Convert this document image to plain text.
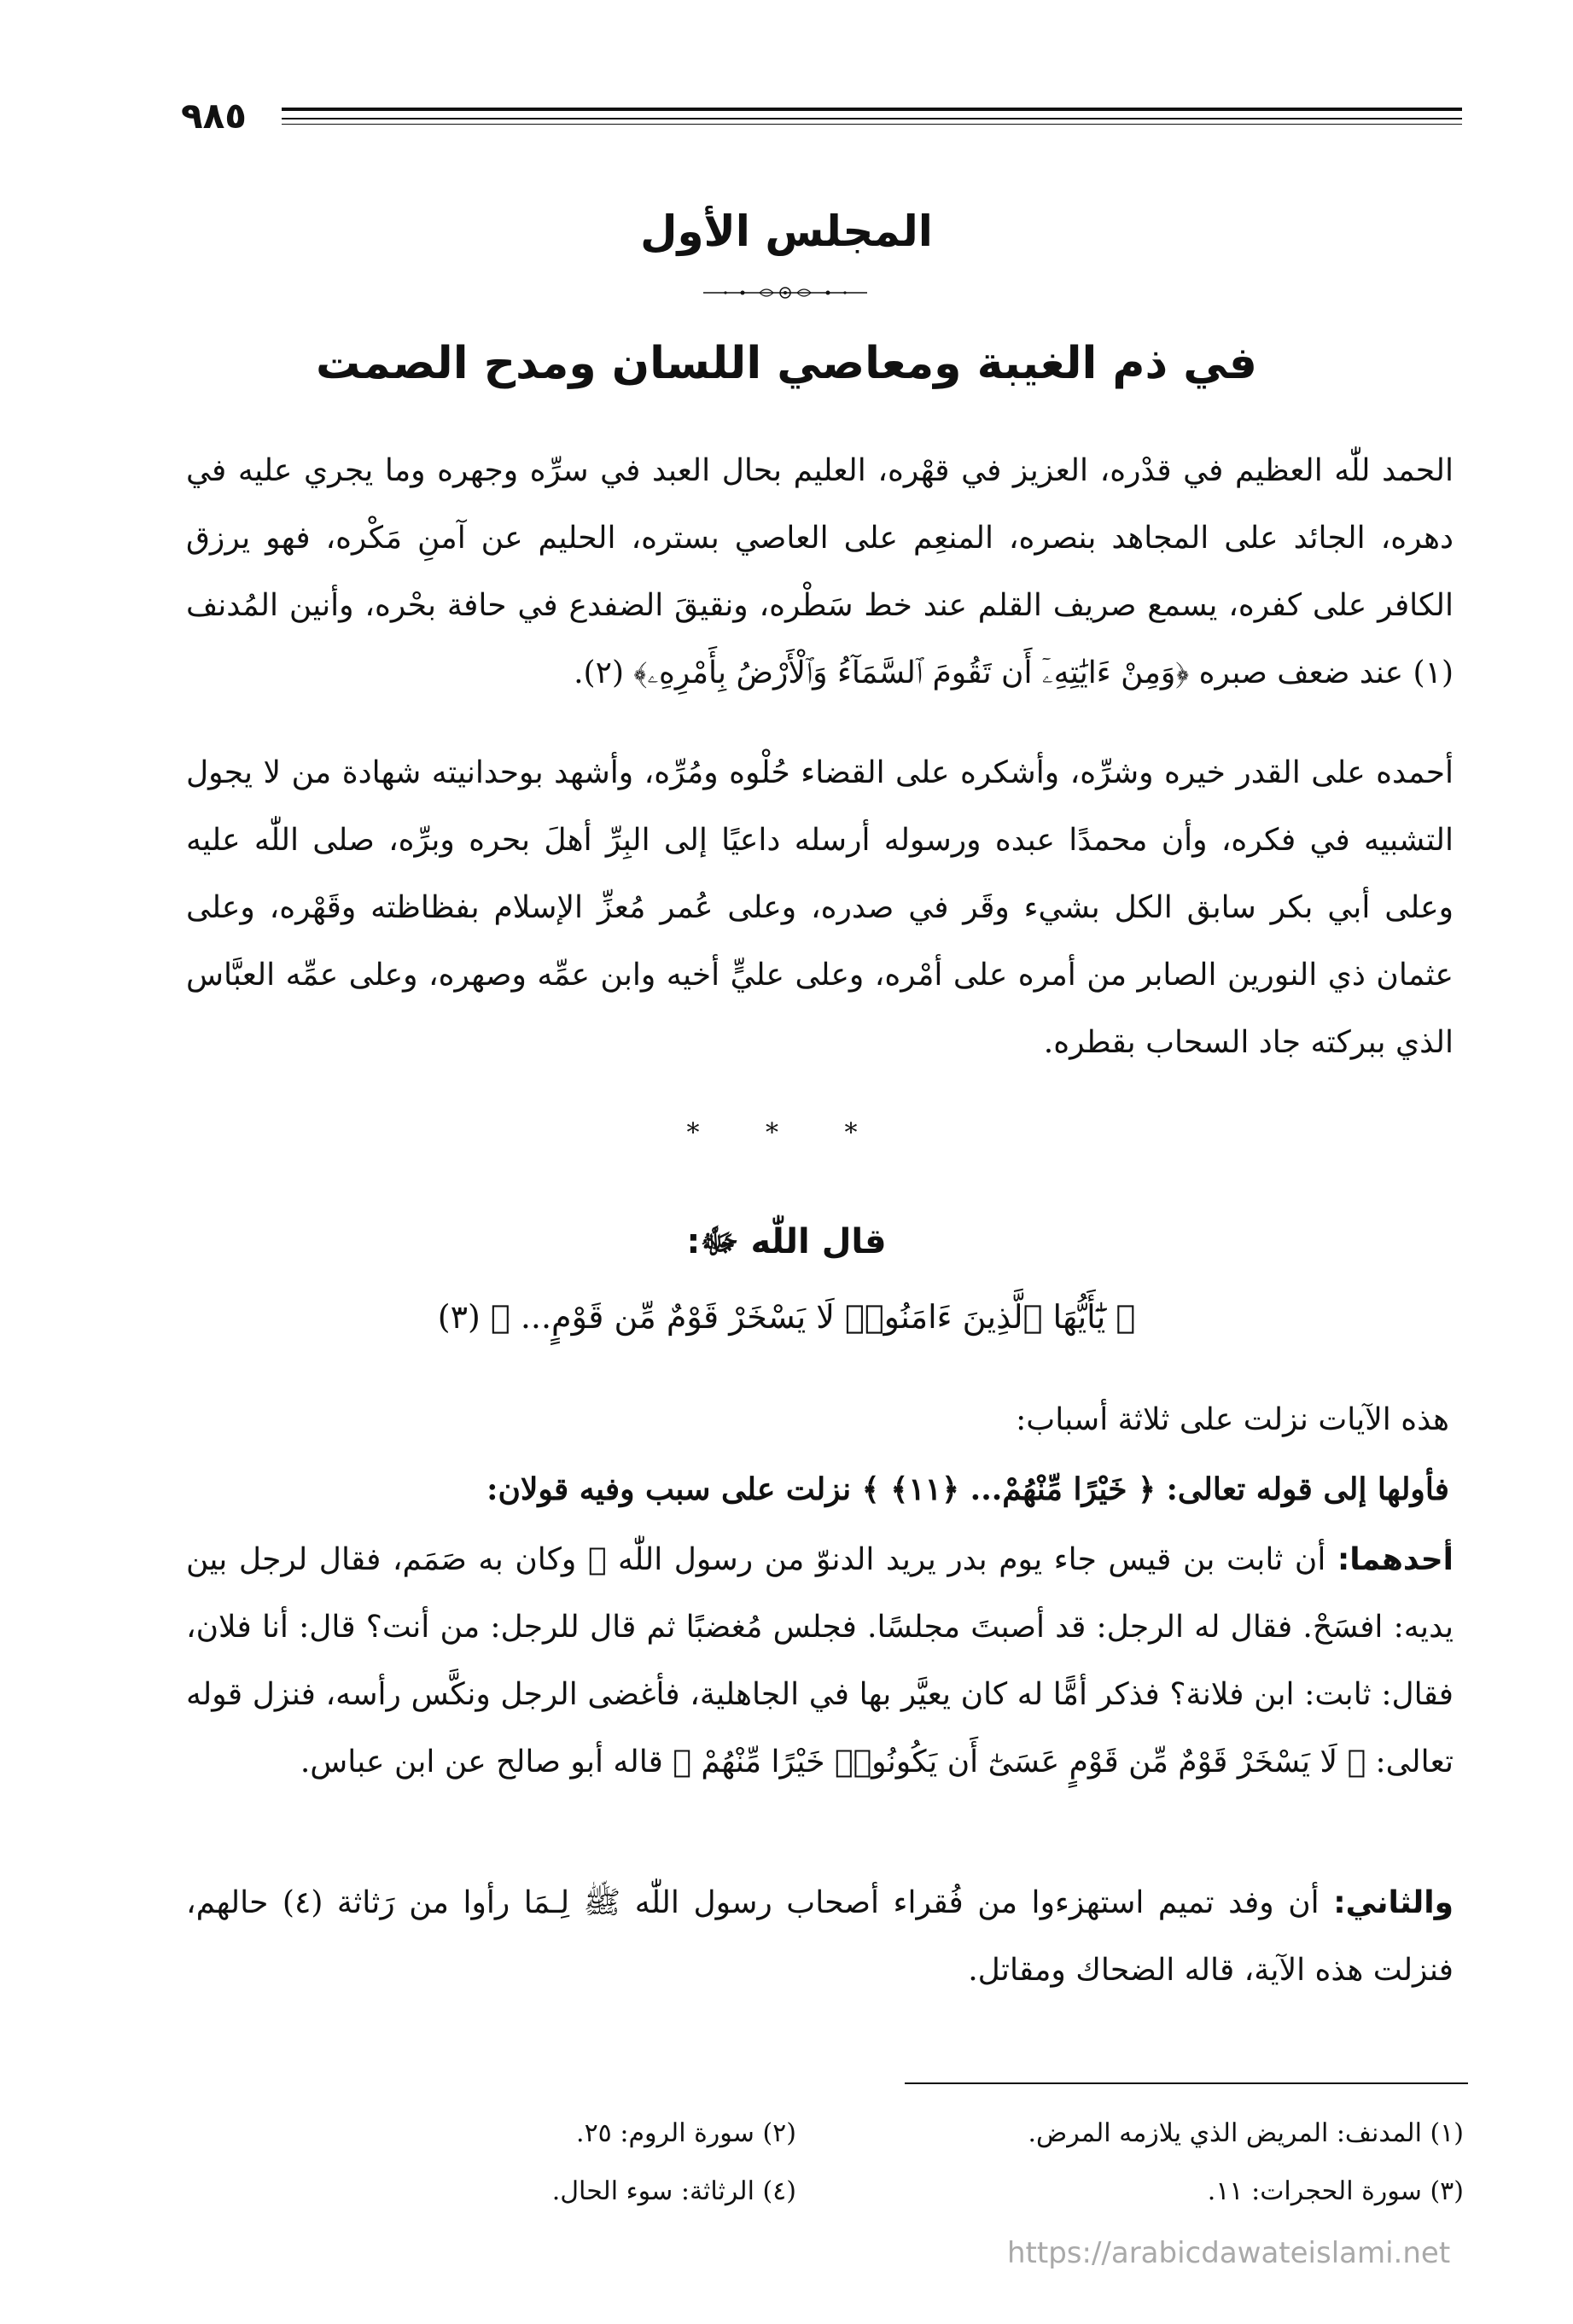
٩٨٥
المجلس الأول
في ذم الغيبة ومعاصي اللسان ومدح الصمت
الحمد للّٰه العظيم في قدْره، العزيز في قهْره، العليم بحال العبد في سرِّه وجهره وما يجري عليه في دهره، الجائد على المجاهد بنصره، المنعِم على العاصي بستره، الحليم عن آمنِ مَكْره، فهو يرزق الكافر على كفره، يسمع صريف القلم عند خط سَطْره، ونقيقَ الضفدع في حافة بحْره، وأنين المُدنف (١) عند ضعف صبره ﴿وَمِنْ ءَايَٰتِهِۦٓ أَن تَقُومَ ٱلسَّمَآءُ وَٱلْأَرْضُ بِأَمْرِهِۦ﴾ (٢).
أحمده على القدر خيره وشرِّه، وأشكره على القضاء حُلْوه ومُرِّه، وأشهد بوحدانيته شهادة من لا يجول التشبيه في فكره، وأن محمدًا عبده ورسوله أرسله داعيًا إلى البِرِّ أهلَ بحره وبرِّه، صلى اللّٰه عليه وعلى أبي بكر سابق الكل بشيء وقَر في صدره، وعلى عُمر مُعزِّ الإسلام بفظاظته وقَهْره، وعلى عثمان ذي النورين الصابر من أمره على أمْره، وعلى عليٍّ أخيه وابن عمِّه وصهره، وعلى عمِّه العبَّاس الذي ببركته جاد السحاب بقطره.
* * *
قال اللّٰه ﷻ:
﴿ يَٰٓأَيُّهَا ٱلَّذِينَ ءَامَنُوا۟ لَا يَسْخَرْ قَوْمٌ مِّن قَوْمٍ... ﴾ (٣)
هذه الآيات نزلت على ثلاثة أسباب:
فأولها إلى قوله تعالى: ﴿ خَيْرًا مِّنْهُمْ... ﴿١١﴾ ﴾ نزلت على سبب وفيه قولان:
أحدهما: أن ثابت بن قيس جاء يوم بدر يريد الدنوّ من رسول اللّٰه ﷺ وكان به صَمَم، فقال لرجل بين يديه: افسَحْ. فقال له الرجل: قد أصبتَ مجلسًا. فجلس مُغضبًا ثم قال للرجل: من أنت؟ قال: أنا فلان، فقال: ثابت: ابن فلانة؟ فذكر أمًّا له كان يعيَّر بها في الجاهلية، فأغضى الرجل ونكَّس رأسه، فنزل قوله تعالى: ﴿ لَا يَسْخَرْ قَوْمٌ مِّن قَوْمٍ عَسَىٰٓ أَن يَكُونُوا۟ خَيْرًا مِّنْهُمْ ﴾ قاله أبو صالح عن ابن عباس.
والثاني: أن وفد تميم استهزءوا من فُقراء أصحاب رسول اللّٰه ﷺ لِـمَا رأوا من رَثاثة (٤) حالهم، فنزلت هذه الآية، قاله الضحاك ومقاتل.
(١) المدنف: المريض الذي يلازمه المرض.
(٢) سورة الروم: ٢٥.
(٣) سورة الحجرات: ١١.
(٤) الرثاثة: سوء الحال.
https://arabicdawateislami.net
